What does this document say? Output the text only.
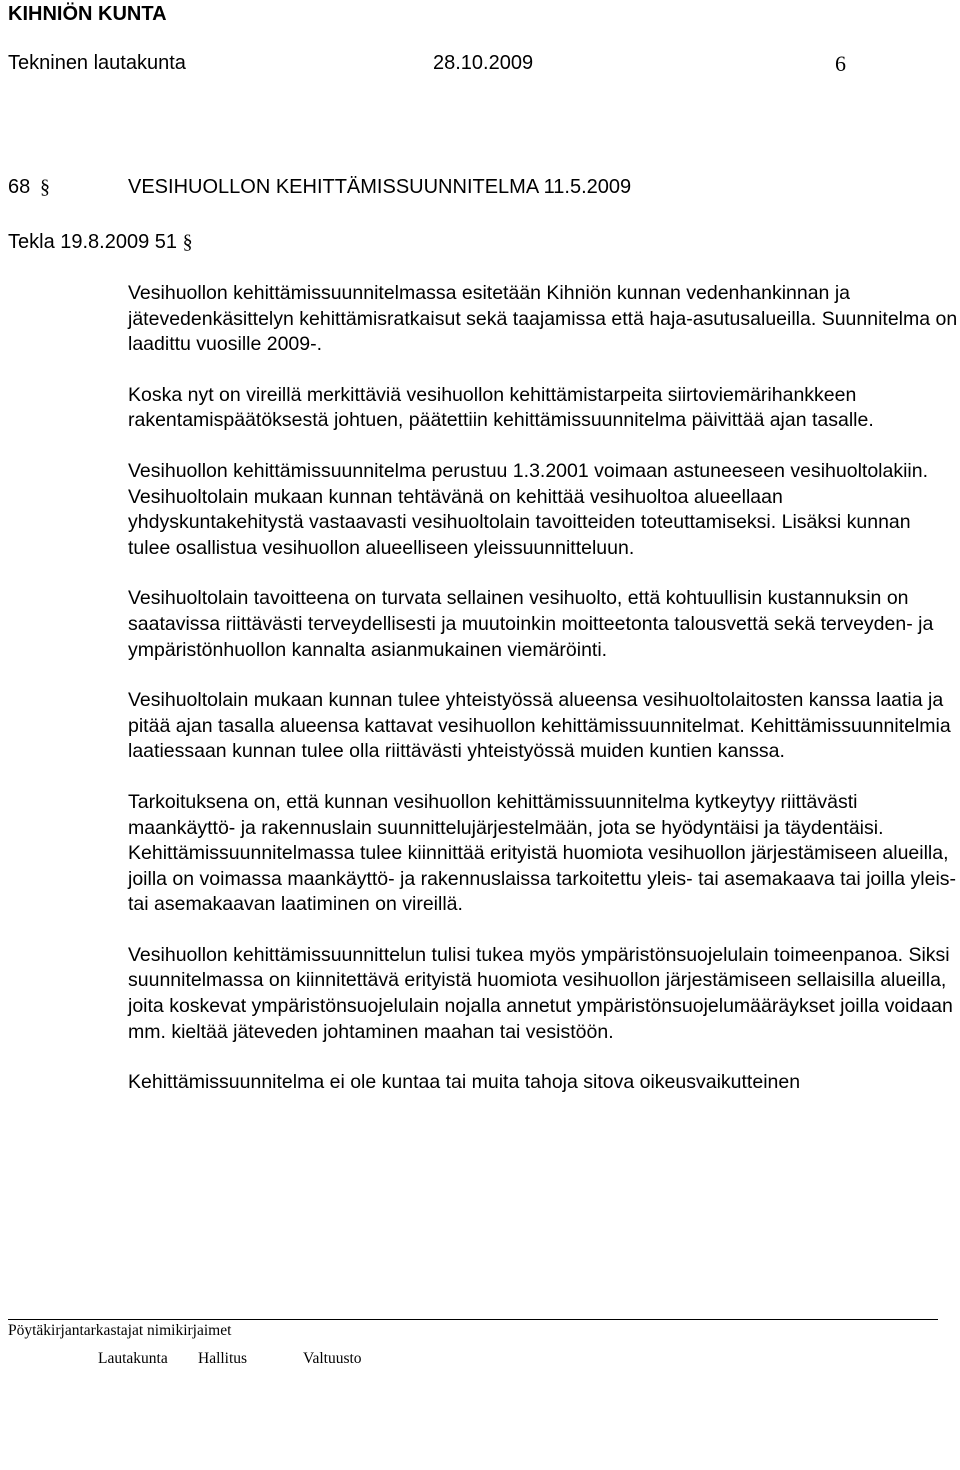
KIHNIÖN KUNTA
Tekninen lautakunta	28.10.2009	6
68 §	VESIHUOLLON KEHITTÄMISSUUNNITELMA 11.5.2009
Tekla 19.8.2009 51 §

Vesihuollon kehittämissuunnitelmassa esitetään Kihniön kunnan vedenhankinnan ja jätevedenkäsittelyn kehittämisratkaisut sekä taajamissa että haja-asutusalueilla. Suunnitelma on laadittu vuosille 2009-.

Koska nyt on vireillä merkittäviä vesihuollon kehittämistarpeita siirtoviemärihankkeen rakentamispäätöksestä johtuen, päätettiin kehittämissuunnitelma päivittää ajan tasalle.

Vesihuollon kehittämissuunnitelma perustuu 1.3.2001 voimaan astuneeseen vesihuoltolakiin. Vesihuoltolain mukaan kunnan tehtävänä on kehittää vesihuoltoa alueellaan yhdyskuntakehitystä vastaavasti vesihuoltolain tavoitteiden toteuttamiseksi. Lisäksi kunnan tulee osallistua vesihuollon alueelliseen yleissuunnitteluun.

Vesihuoltolain tavoitteena on turvata sellainen vesihuolto, että kohtuullisin kustannuksin on saatavissa riittävästi terveydellisesti ja muutoinkin moitteetonta talousvettä sekä terveyden- ja ympäristönhuollon kannalta asianmukainen viemäröinti.

Vesihuoltolain mukaan kunnan tulee yhteistyössä alueensa vesihuoltolaitosten kanssa laatia ja pitää ajan tasalla alueensa kattavat vesihuollon kehittämissuunnitelmat. Kehittämissuunnitelmia laatiessaan kunnan tulee olla riittävästi yhteistyössä muiden kuntien kanssa.

Tarkoituksena on, että kunnan vesihuollon kehittämissuunnitelma kytkeytyy riittävästi maankäyttö- ja rakennuslain suunnittelujärjestelmään, jota se hyödyntäisi ja täydentäisi. Kehittämissuunnitelmassa tulee kiinnittää erityistä huomiota vesihuollon järjestämiseen alueilla, joilla on voimassa maankäyttö- ja rakennuslaissa tarkoitettu yleis- tai asemakaava tai joilla yleis- tai asemakaavan laatiminen on vireillä.

Vesihuollon kehittämissuunnittelun tulisi tukea myös ympäristönsuojelulain toimeenpanoa. Siksi suunnitelmassa on kiinnitettävä erityistä huomiota vesihuollon järjestämiseen sellaisilla alueilla, joita koskevat ympäristönsuojelulain nojalla annetut ympäristönsuojelumääräykset joilla voidaan mm. kieltää jäteveden johtaminen maahan tai vesistöön.

Kehittämissuunnitelma ei ole kuntaa tai muita tahoja sitova oikeusvaikutteinen

Pöytäkirjantarkastajat nimikirjaimet
Lautakunta Hallitus	Valtuusto
